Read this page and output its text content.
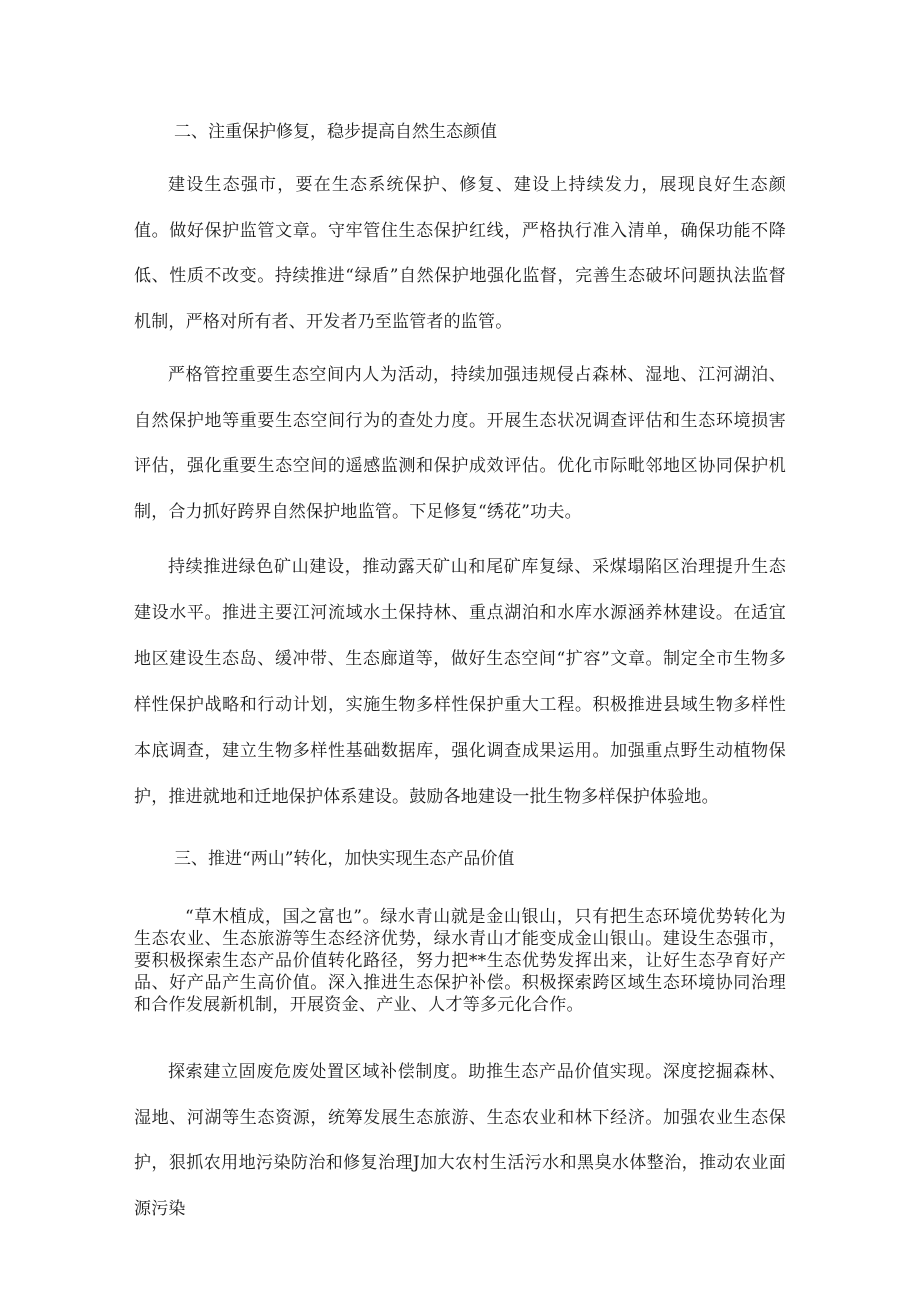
二、注重保护修复，稳步提高自然生态颜值

建设生态强市，要在生态系统保护、修复、建设上持续发力，展现良好生态颜值。做好保护监管文章。守牢管住生态保护红线，严格执行准入清单，确保功能不降低、性质不改变。持续推进“绿盾”自然保护地强化监督，完善生态破坏问题执法监督机制，严格对所有者、开发者乃至监管者的监管。

严格管控重要生态空间内人为活动，持续加强违规侵占森林、湿地、江河湖泊、自然保护地等重要生态空间行为的查处力度。开展生态状况调查评估和生态环境损害评估，强化重要生态空间的遥感监测和保护成效评估。优化市际毗邻地区协同保护机制，合力抓好跨界自然保护地监管。下足修复“绣花”功夫。

持续推进绿色矿山建设，推动露天矿山和尾矿库复绿、采煤塌陷区治理提升生态建设水平。推进主要江河流域水土保持林、重点湖泊和水库水源涵养林建设。在适宜地区建设生态岛、缓冲带、生态廊道等，做好生态空间“扩容”文章。制定全市生物多样性保护战略和行动计划，实施生物多样性保护重大工程。积极推进县域生物多样性本底调查，建立生物多样性基础数据库，强化调查成果运用。加强重点野生动植物保护，推进就地和迁地保护体系建设。鼓励各地建设一批生物多样保护体验地。

三、推进“两山”转化，加快实现生态产品价值

“草木植成，国之富也”。绿水青山就是金山银山，只有把生态环境优势转化为生态农业、生态旅游等生态经济优势，绿水青山才能变成金山银山。建设生态强市，要积极探索生态产品价值转化路径，努力把**生态优势发挥出来，让好生态孕育好产品、好产品产生高价值。深入推进生态保护补偿。积极探索跨区域生态环境协同治理和合作发展新机制，开展资金、产业、人才等多元化合作。

探索建立固废危废处置区域补偿制度。助推生态产品价值实现。深度挖掘森林、湿地、河湖等生态资源，统筹发展生态旅游、生态农业和林下经济。加强农业生态保护，狠抓农用地污染防治和修复治理J加大农村生活污水和黑臭水体整治，推动农业面源污染
